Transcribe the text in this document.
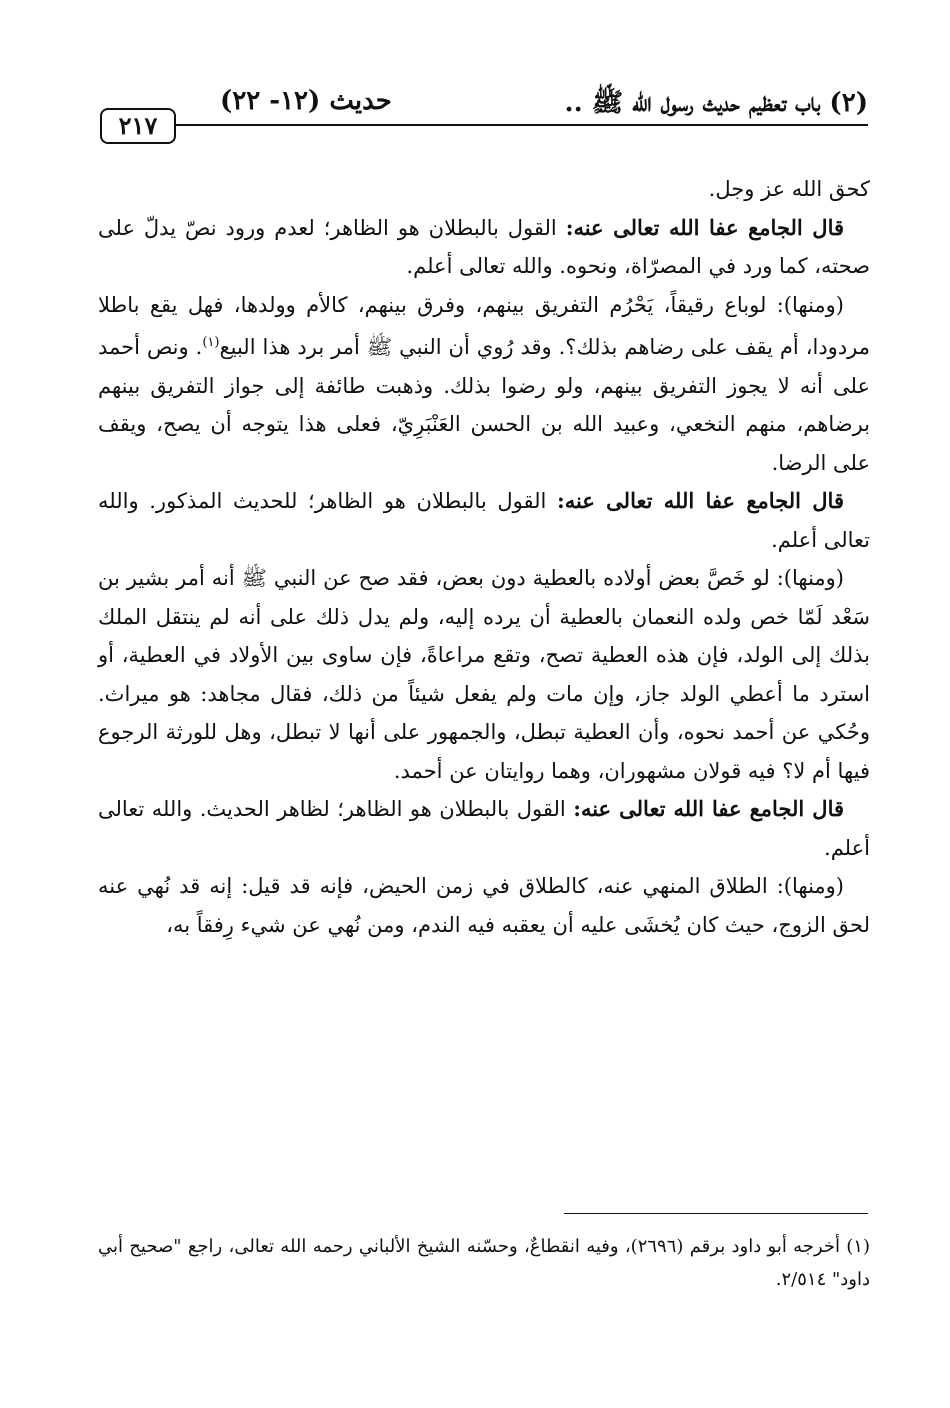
(٢) باب تعظيم حديث رسول الله ﷺ ..
حديث (١٢- ٢٢)
٢١٧

كحق الله عز وجل.

قال الجامع عفا الله تعالى عنه: القول بالبطلان هو الظاهر؛ لعدم ورود نصّ يدلّ على صحته، كما ورد في المصرّاة، ونحوه. والله تعالى أعلم.

(ومنها): لوباع رقيقاً، يَحْرُم التفريق بينهم، وفرق بينهم، كالأم وولدها، فهل يقع باطلا مردودا، أم يقف على رضاهم بذلك؟. وقد رُوي أن النبي ﷺ أمر برد هذا البيع$^{(١)}$. ونص أحمد على أنه لا يجوز التفريق بينهم، ولو رضوا بذلك. وذهبت طائفة إلى جواز التفريق بينهم برضاهم، منهم النخعي، وعبيد الله بن الحسن العَنْبَرِيّ، فعلى هذا يتوجه أن يصح، ويقف على الرضا.

قال الجامع عفا الله تعالى عنه: القول بالبطلان هو الظاهر؛ للحديث المذكور. والله تعالى أعلم.

(ومنها): لو خَصَّ بعض أولاده بالعطية دون بعض، فقد صح عن النبي ﷺ أنه أمر بشير بن سَعْد لَمّا خص ولده النعمان بالعطية أن يرده إليه، ولم يدل ذلك على أنه لم ينتقل الملك بذلك إلى الولد، فإن هذه العطية تصح، وتقع مراعاةً، فإن ساوى بين الأولاد في العطية، أو استرد ما أعطي الولد جاز، وإن مات ولم يفعل شيئاً من ذلك، فقال مجاهد: هو ميراث. وحُكي عن أحمد نحوه، وأن العطية تبطل، والجمهور على أنها لا تبطل، وهل للورثة الرجوع فيها أم لا؟ فيه قولان مشهوران، وهما روايتان عن أحمد.

قال الجامع عفا الله تعالى عنه: القول بالبطلان هو الظاهر؛ لظاهر الحديث. والله تعالى أعلم.

(ومنها): الطلاق المنهي عنه، كالطلاق في زمن الحيض، فإنه قد قيل: إنه قد نُهي عنه لحق الزوج، حيث كان يُخشَى عليه أن يعقبه فيه الندم، ومن نُهي عن شيء رِفقاً به،

(١) أخرجه أبو داود برقم (٢٦٩٦)، وفيه انقطاعٌ، وحسّنه الشيخ الألباني رحمه الله تعالى، راجع "صحيح أبي داود" ٢/٥١٤.
